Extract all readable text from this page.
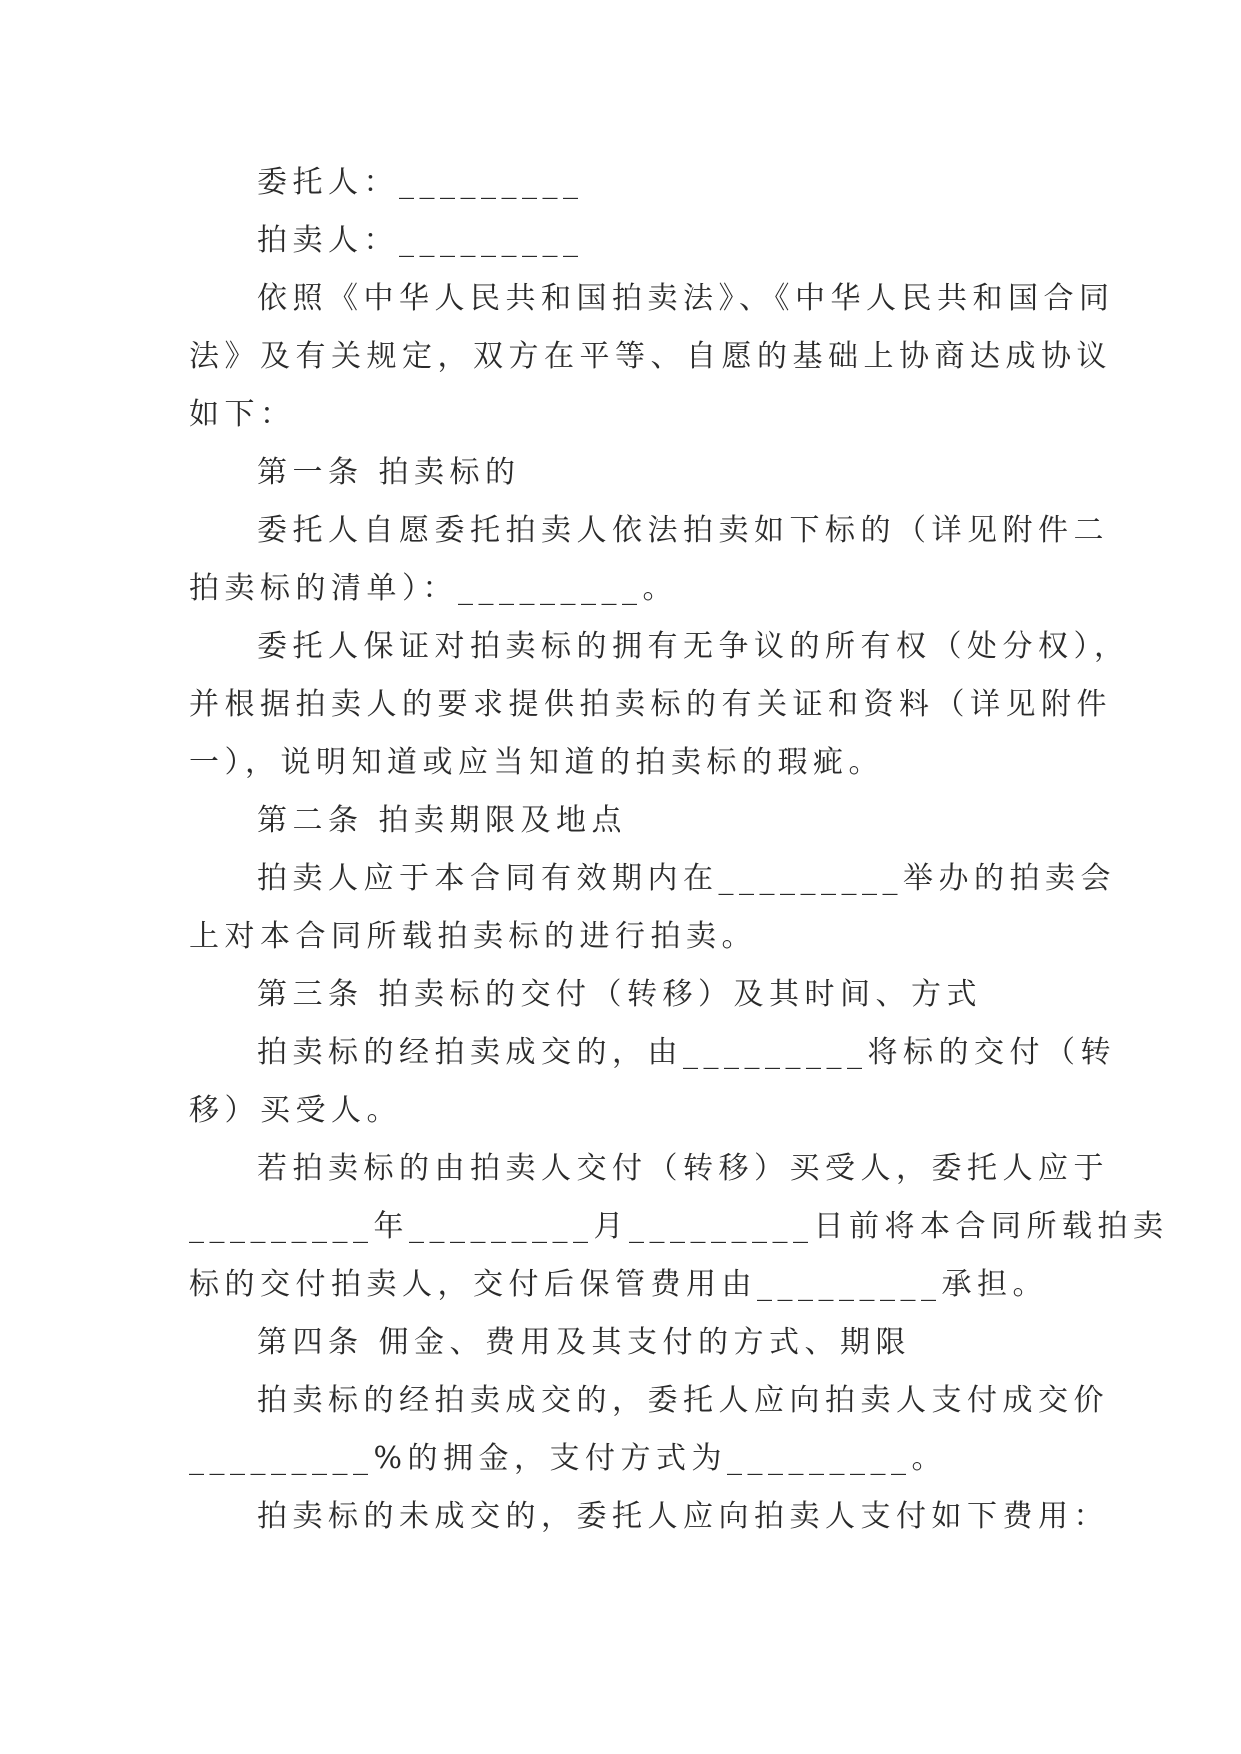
委托人：_________
拍卖人：_________
依照《中华人民共和国拍卖法》、《中华人民共和国合同
法》及有关规定，双方在平等、自愿的基础上协商达成协议
如下：
第一条 拍卖标的
委托人自愿委托拍卖人依法拍卖如下标的（详见附件二
拍卖标的清单）：_________。
委托人保证对拍卖标的拥有无争议的所有权（处分权），
并根据拍卖人的要求提供拍卖标的有关证和资料（详见附件
一），说明知道或应当知道的拍卖标的瑕疵。
第二条 拍卖期限及地点
拍卖人应于本合同有效期内在_________举办的拍卖会
上对本合同所载拍卖标的进行拍卖。
第三条 拍卖标的交付（转移）及其时间、方式
拍卖标的经拍卖成交的，由_________将标的交付（转
移）买受人。
若拍卖标的由拍卖人交付（转移）买受人，委托人应于
_________年_________月_________日前将本合同所载拍卖
标的交付拍卖人，交付后保管费用由_________承担。
第四条 佣金、费用及其支付的方式、期限
拍卖标的经拍卖成交的，委托人应向拍卖人支付成交价
_________%的拥金，支付方式为_________。
拍卖标的未成交的，委托人应向拍卖人支付如下费用：
